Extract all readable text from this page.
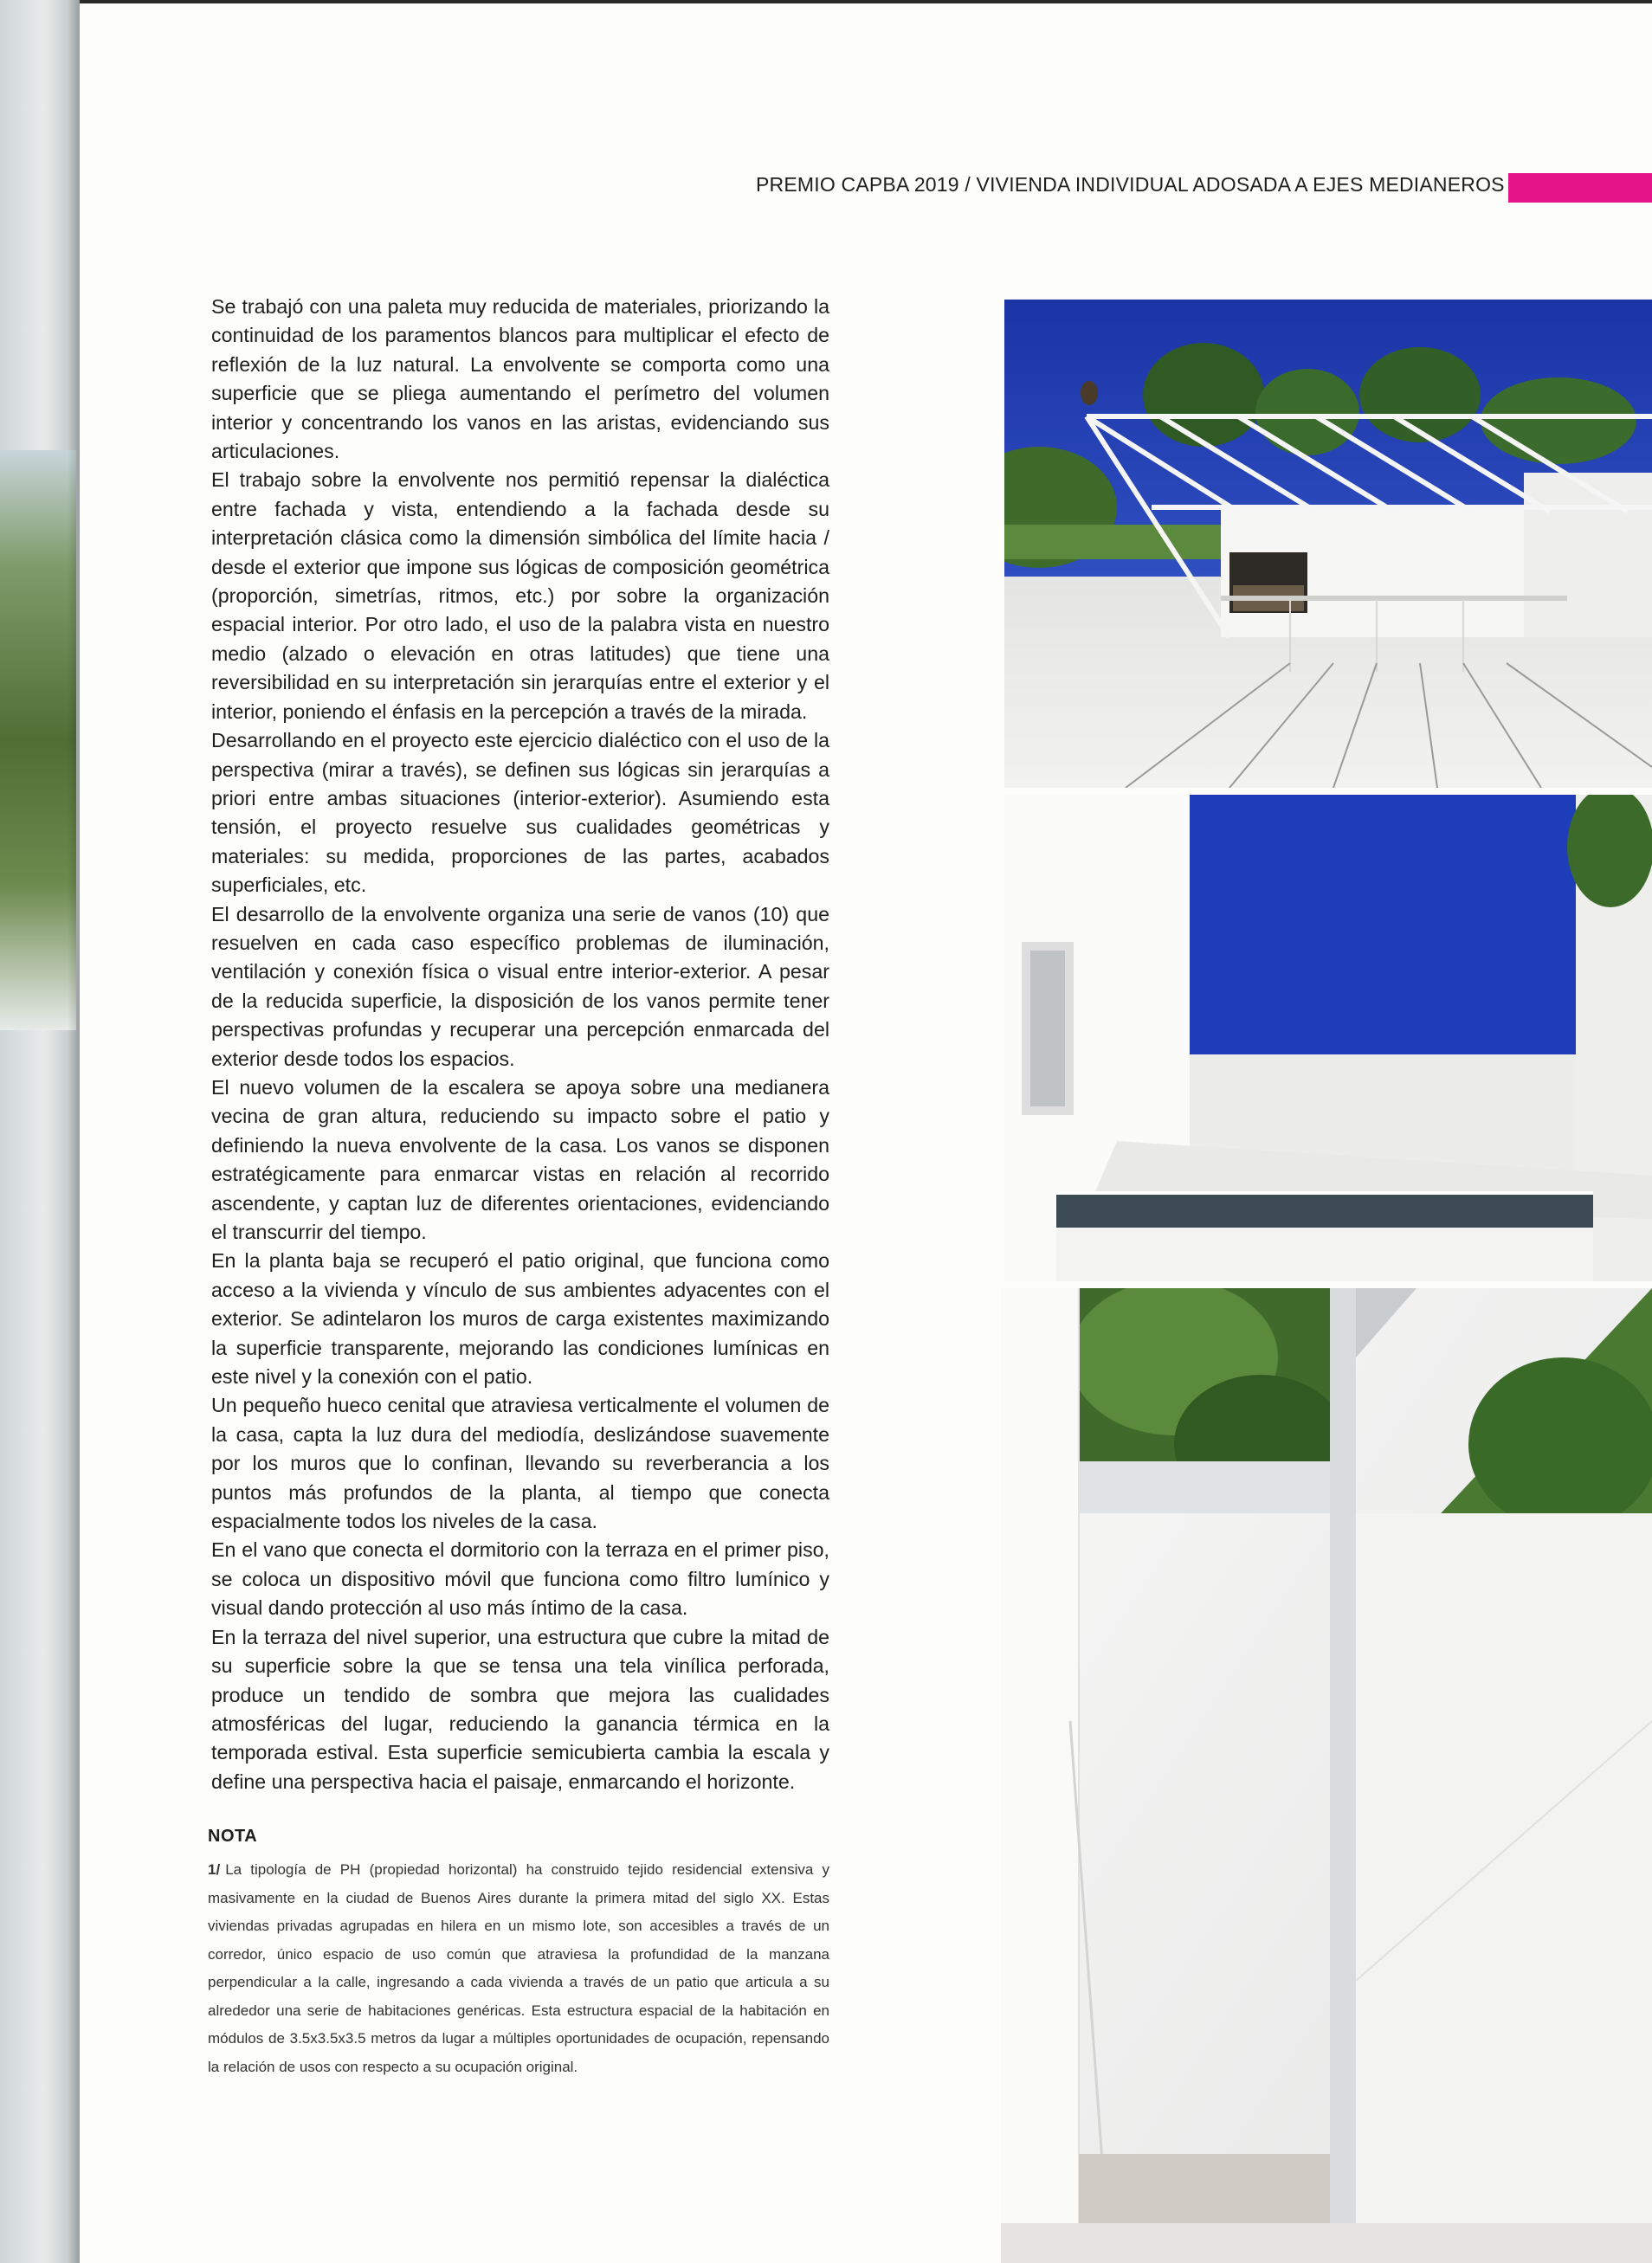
PREMIO CAPBA 2019 / VIVIENDA INDIVIDUAL ADOSADA A EJES MEDIANEROS

Se trabajó con una paleta muy reducida de materiales, priorizando la continuidad de los paramentos blancos para multiplicar el efecto de reflexión de la luz natural. La envolvente se comporta como una superficie que se pliega aumentando el perímetro del volumen interior y concentrando los vanos en las aristas, evidenciando sus articulaciones.

El trabajo sobre la envolvente nos permitió repensar la dialéctica entre fachada y vista, entendiendo a la fachada desde su interpretación clásica como la dimensión simbólica del límite hacia / desde el exterior que impone sus lógicas de composición geométrica (proporción, simetrías, ritmos, etc.) por sobre la organización espacial interior. Por otro lado, el uso de la palabra vista en nuestro medio (alzado o elevación en otras latitudes) que tiene una reversibilidad en su interpretación sin jerarquías entre el exterior y el interior, poniendo el énfasis en la percepción a través de la mirada.

Desarrollando en el proyecto este ejercicio dialéctico con el uso de la perspectiva (mirar a través), se definen sus lógicas sin jerarquías a priori entre ambas situaciones (interior-exterior). Asumiendo esta tensión, el proyecto resuelve sus cualidades geométricas y materiales: su medida, proporciones de las partes, acabados superficiales, etc.

El desarrollo de la envolvente organiza una serie de vanos (10) que resuelven en cada caso específico problemas de iluminación, ventilación y conexión física o visual entre interior-exterior. A pesar de la reducida superficie, la disposición de los vanos permite tener perspectivas profundas y recuperar una percepción enmarcada del exterior desde todos los espacios.

El nuevo volumen de la escalera se apoya sobre una medianera vecina de gran altura, reduciendo su impacto sobre el patio y definiendo la nueva envolvente de la casa. Los vanos se disponen estratégicamente para enmarcar vistas en relación al recorrido ascendente, y captan luz de diferentes orientaciones, evidenciando el transcurrir del tiempo.

En la planta baja se recuperó el patio original, que funciona como acceso a la vivienda y vínculo de sus ambientes adyacentes con el exterior. Se adintelaron los muros de carga existentes maximizando la superficie transparente, mejorando las condiciones lumínicas en este nivel y la conexión con el patio.

Un pequeño hueco cenital que atraviesa verticalmente el volumen de la casa, capta la luz dura del mediodía, deslizándose suavemente por los muros que lo confinan, llevando su reverberancia a los puntos más profundos de la planta, al tiempo que conecta espacialmente todos los niveles de la casa.

En el vano que conecta el dormitorio con la terraza en el primer piso, se coloca un dispositivo móvil que funciona como filtro lumínico y visual dando protección al uso más íntimo de la casa.

En la terraza del nivel superior, una estructura que cubre la mitad de su superficie sobre la que se tensa una tela vinílica perforada, produce un tendido de sombra que mejora las cualidades atmosféricas del lugar, reduciendo la ganancia térmica en la temporada estival. Esta superficie semicubierta cambia la escala y define una perspectiva hacia el paisaje, enmarcando el horizonte.

NOTA
1/ La tipología de PH (propiedad horizontal) ha construido tejido residencial extensiva y masivamente en la ciudad de Buenos Aires durante la primera mitad del siglo XX. Estas viviendas privadas agrupadas en hilera en un mismo lote, son accesibles a través de un corredor, único espacio de uso común que atraviesa la profundidad de la manzana perpendicular a la calle, ingresando a cada vivienda a través de un patio que articula a su alrededor una serie de habitaciones genéricas. Esta estructura espacial de la habitación en módulos de 3.5x3.5x3.5 metros da lugar a múltiples oportunidades de ocupación, repensando la relación de usos con respecto a su ocupación original.
